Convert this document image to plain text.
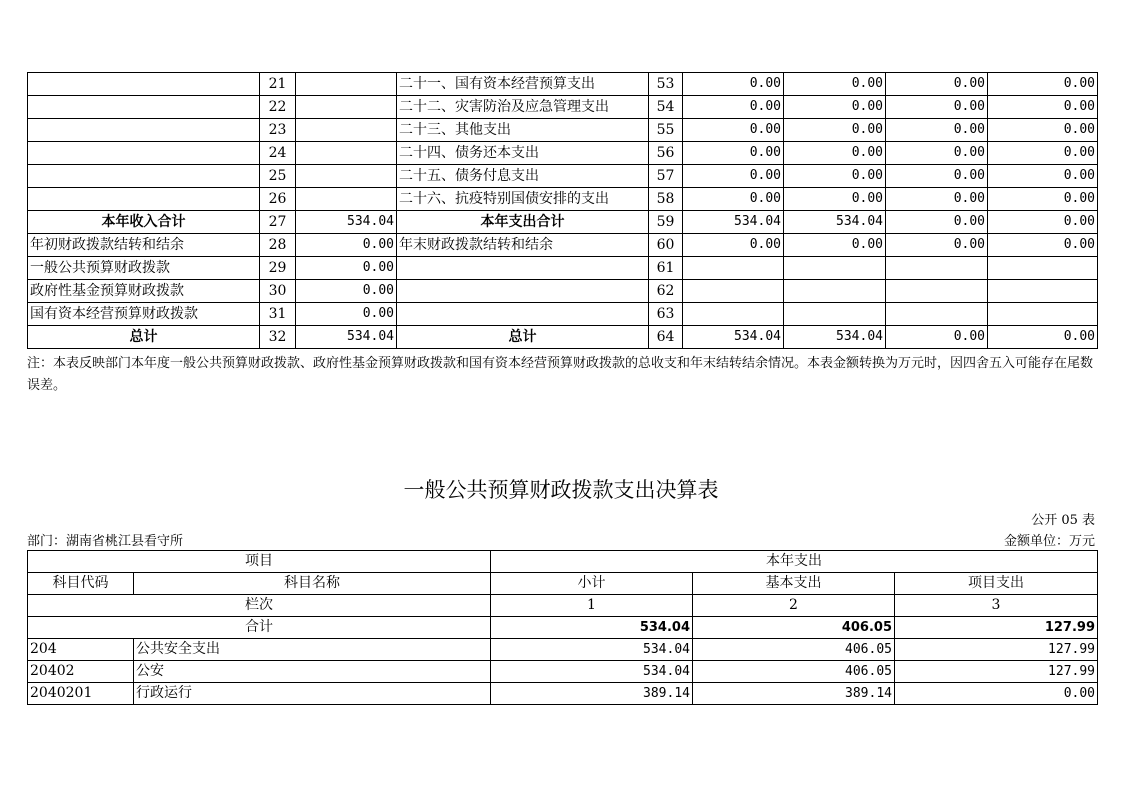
	21		二十一、国有资本经营预算支出	53	0.00	0.00	0.00	0.00
	22		二十二、灾害防治及应急管理支出	54	0.00	0.00	0.00	0.00
	23		二十三、其他支出	55	0.00	0.00	0.00	0.00
	24		二十四、债务还本支出	56	0.00	0.00	0.00	0.00
	25		二十五、债务付息支出	57	0.00	0.00	0.00	0.00
	26		二十六、抗疫特别国债安排的支出	58	0.00	0.00	0.00	0.00
本年收入合计	27	534.04	本年支出合计	59	534.04	534.04	0.00	0.00
年初财政拨款结转和结余	28	0.00	年末财政拨款结转和结余	60	0.00	0.00	0.00	0.00
一般公共预算财政拨款	29	0.00		61				
政府性基金预算财政拨款	30	0.00		62				
国有资本经营预算财政拨款	31	0.00		63				
总计	32	534.04	总计	64	534.04	534.04	0.00	0.00
注：本表反映部门本年度一般公共预算财政拨款、政府性基金预算财政拨款和国有资本经营预算财政拨款的总收支和年末结转结余情况。本表金额转换为万元时，因四舍五入可能存在尾数误差。
一般公共预算财政拨款支出决算表
公开 05 表
部门：湖南省桃江县看守所	金额单位：万元
项目		本年支出		
科目代码	科目名称	小计	基本支出	项目支出
栏次		1	2	3
合计		534.04	406.05	127.99
204	公共安全支出	534.04	406.05	127.99
20402	公安	534.04	406.05	127.99
2040201	行政运行	389.14	389.14	0.00
